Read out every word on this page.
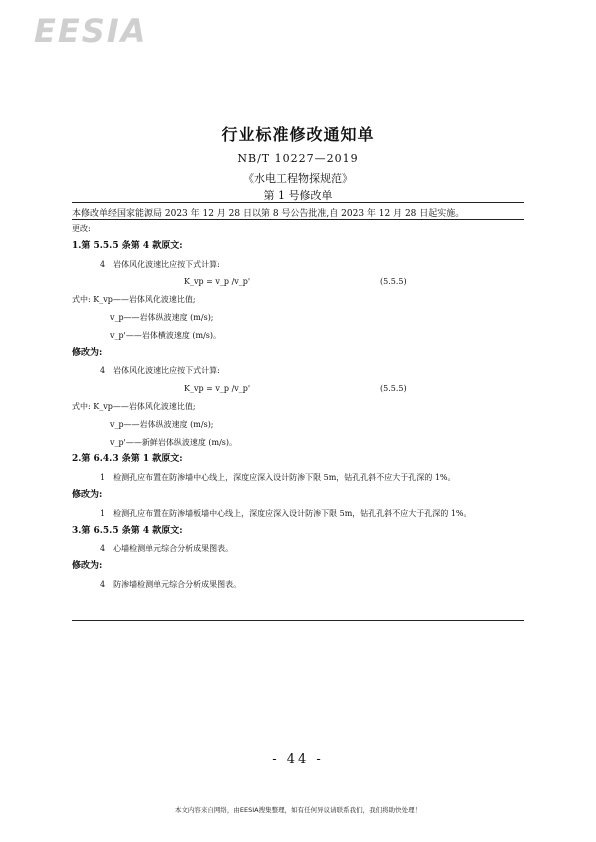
EESIA
行业标准修改通知单
NB/T 10227—2019
《水电工程物探规范》
第 1 号修改单
本修改单经国家能源局 2023 年 12 月 28 日以第 8 号公告批准,自 2023 年 12 月 28 日起实施。
更改:
1.第 5.5.5 条第 4 款原文:
4　岩体风化波速比应按下式计算:
K_vp = v_p /v_p'	(5.5.5)
式中: K_vp——岩体风化波速比值;
v_p——岩体纵波速度 (m/s);
v_p'——岩体横波速度 (m/s)。
修改为:
4　岩体风化波速比应按下式计算:
K_vp = v_p /v_p'	(5.5.5)
式中: K_vp——岩体风化波速比值;
v_p——岩体纵波速度 (m/s);
v_p'——新鲜岩体纵波速度 (m/s)。
2.第 6.4.3 条第 1 款原文:
1　检测孔应布置在防渗墙中心线上，深度应深入设计防渗下限 5m，钻孔孔斜不应大于孔深的 1%。
修改为:
1　检测孔应布置在防渗墙板墙中心线上，深度应深入设计防渗下限 5m，钻孔孔斜不应大于孔深的 1%。
3.第 6.5.5 条第 4 款原文:
4　心墙检测单元综合分析成果图表。
修改为:
4　防渗墙检测单元综合分析成果图表。
- 44 -
本文内容来自网络，由EESIA搜集整理，如有任何异议请联系我们，我们将助快处理！
